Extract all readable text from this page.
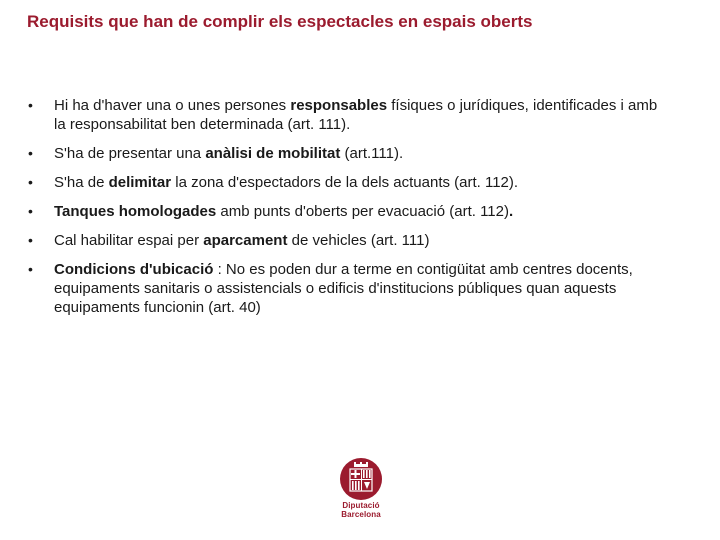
Requisits que han de complir els espectacles en espais oberts
• Hi ha d'haver una o unes persones responsables físiques o jurídiques, identificades i amb la responsabilitat ben determinada (art. 111).
• S'ha de presentar una anàlisi de mobilitat (art.111).
• S'ha de delimitar la zona d'espectadors de la dels actuants (art. 112).
• Tanques homologades amb punts d'oberts per evacuació (art. 112).
• Cal habilitar espai per aparcament de vehicles (art. 111)
• Condicions d'ubicació : No es poden dur a terme en contigüitat amb centres docents, equipaments sanitaris o assistencials o edificis d'institucions públiques quan aquests equipaments funcionin (art. 40)
Diputació
Barcelona
